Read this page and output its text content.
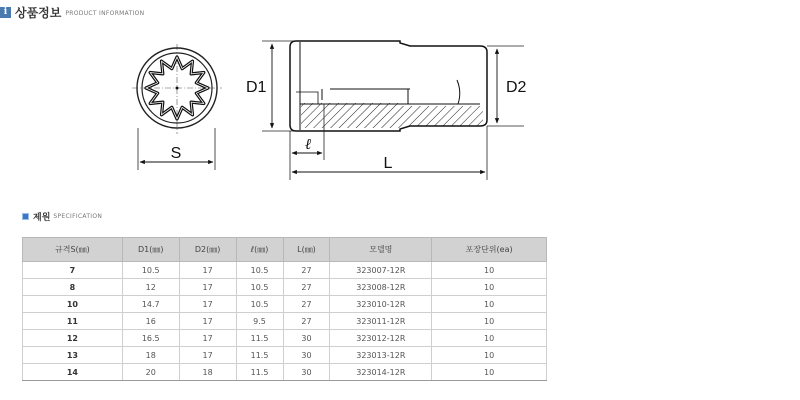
i 상품정보 PRODUCT INFORMATION
S
D1	D2
ℓ
L
제원 SPECIFICATION
규격S(㎜)	D1(㎜)	D2(㎜)	ℓ(㎜)	L(㎜)	모델명	포장단위(ea)
7	10.5	17	10.5	27	323007-12R	10
8	12	17	10.5	27	323008-12R	10
10	14.7	17	10.5	27	323010-12R	10
11	16	17	9.5	27	323011-12R	10
12	16.5	17	11.5	30	323012-12R	10
13	18	17	11.5	30	323013-12R	10
14	20	18	11.5	30	323014-12R	10
